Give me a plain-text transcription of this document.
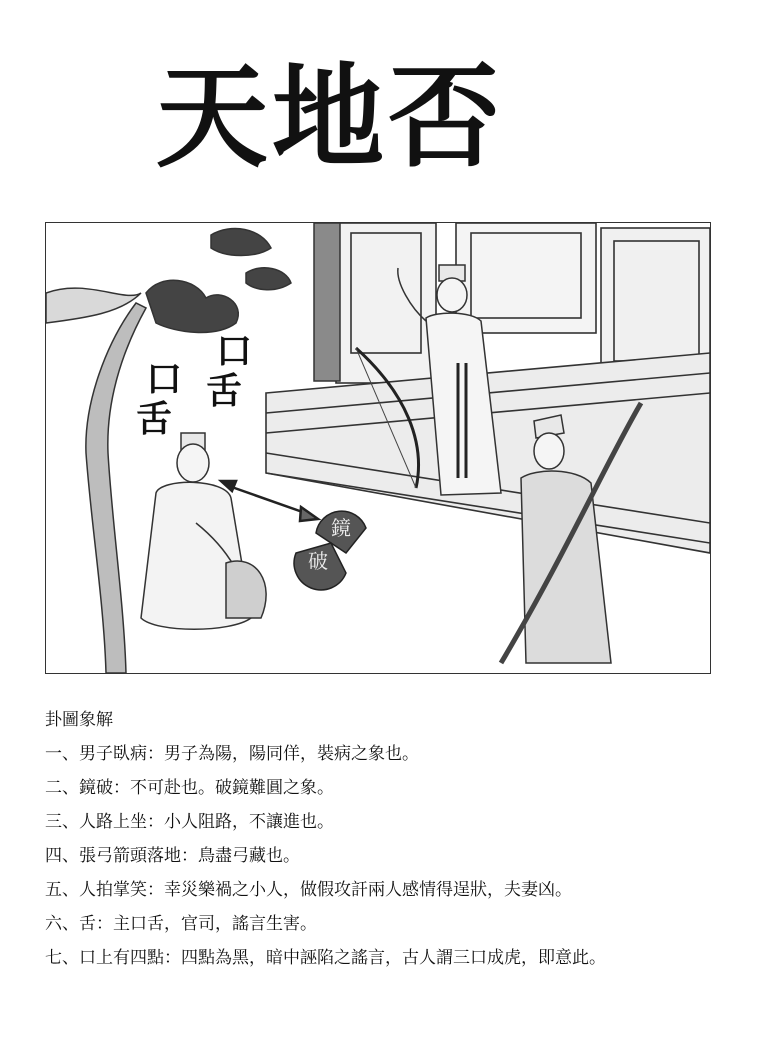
天地否
鏡
破
口
舌
口
舌
卦圖象解
一、男子臥病：男子為陽，陽同佯，裝病之象也。
二、鏡破：不可赴也。破鏡難圓之象。
三、人路上坐：小人阻路，不讓進也。
四、張弓箭頭落地：鳥盡弓藏也。
五、人拍掌笑：幸災樂禍之小人，做假攻訐兩人感情得逞狀，夫妻凶。
六、舌：主口舌，官司，謠言生害。
七、口上有四點：四點為黑，暗中誣陷之謠言，古人謂三口成虎，即意此。
